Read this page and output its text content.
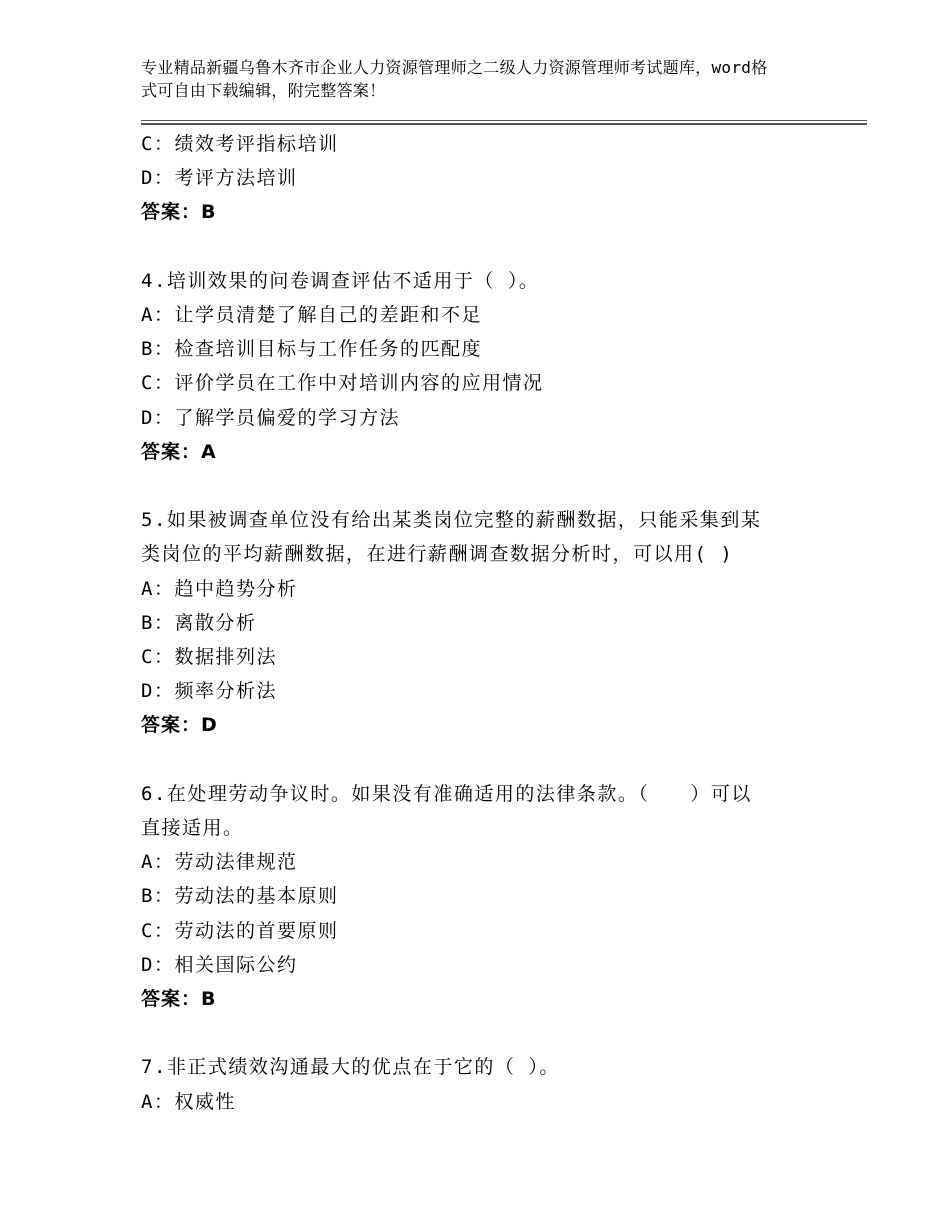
专业精品新疆乌鲁木齐市企业人力资源管理师之二级人力资源管理师考试题库，word格式可自由下载编辑，附完整答案！
C：绩效考评指标培训
D：考评方法培训
答案：B
4.培训效果的问卷调查评估不适用于（ ）。
A：让学员清楚了解自己的差距和不足
B：检查培训目标与工作任务的匹配度
C：评价学员在工作中对培训内容的应用情况
D：了解学员偏爱的学习方法
答案：A
5.如果被调查单位没有给出某类岗位完整的薪酬数据，只能采集到某
类岗位的平均薪酬数据，在进行薪酬调查数据分析时，可以用( )
A：趋中趋势分析
B：离散分析
C：数据排列法
D：频率分析法
答案：D
6.在处理劳动争议时。如果没有准确适用的法律条款。（　　）可以
直接适用。
A：劳动法律规范
B：劳动法的基本原则
C：劳动法的首要原则
D：相关国际公约
答案：B
7.非正式绩效沟通最大的优点在于它的（ ）。
A：权威性
